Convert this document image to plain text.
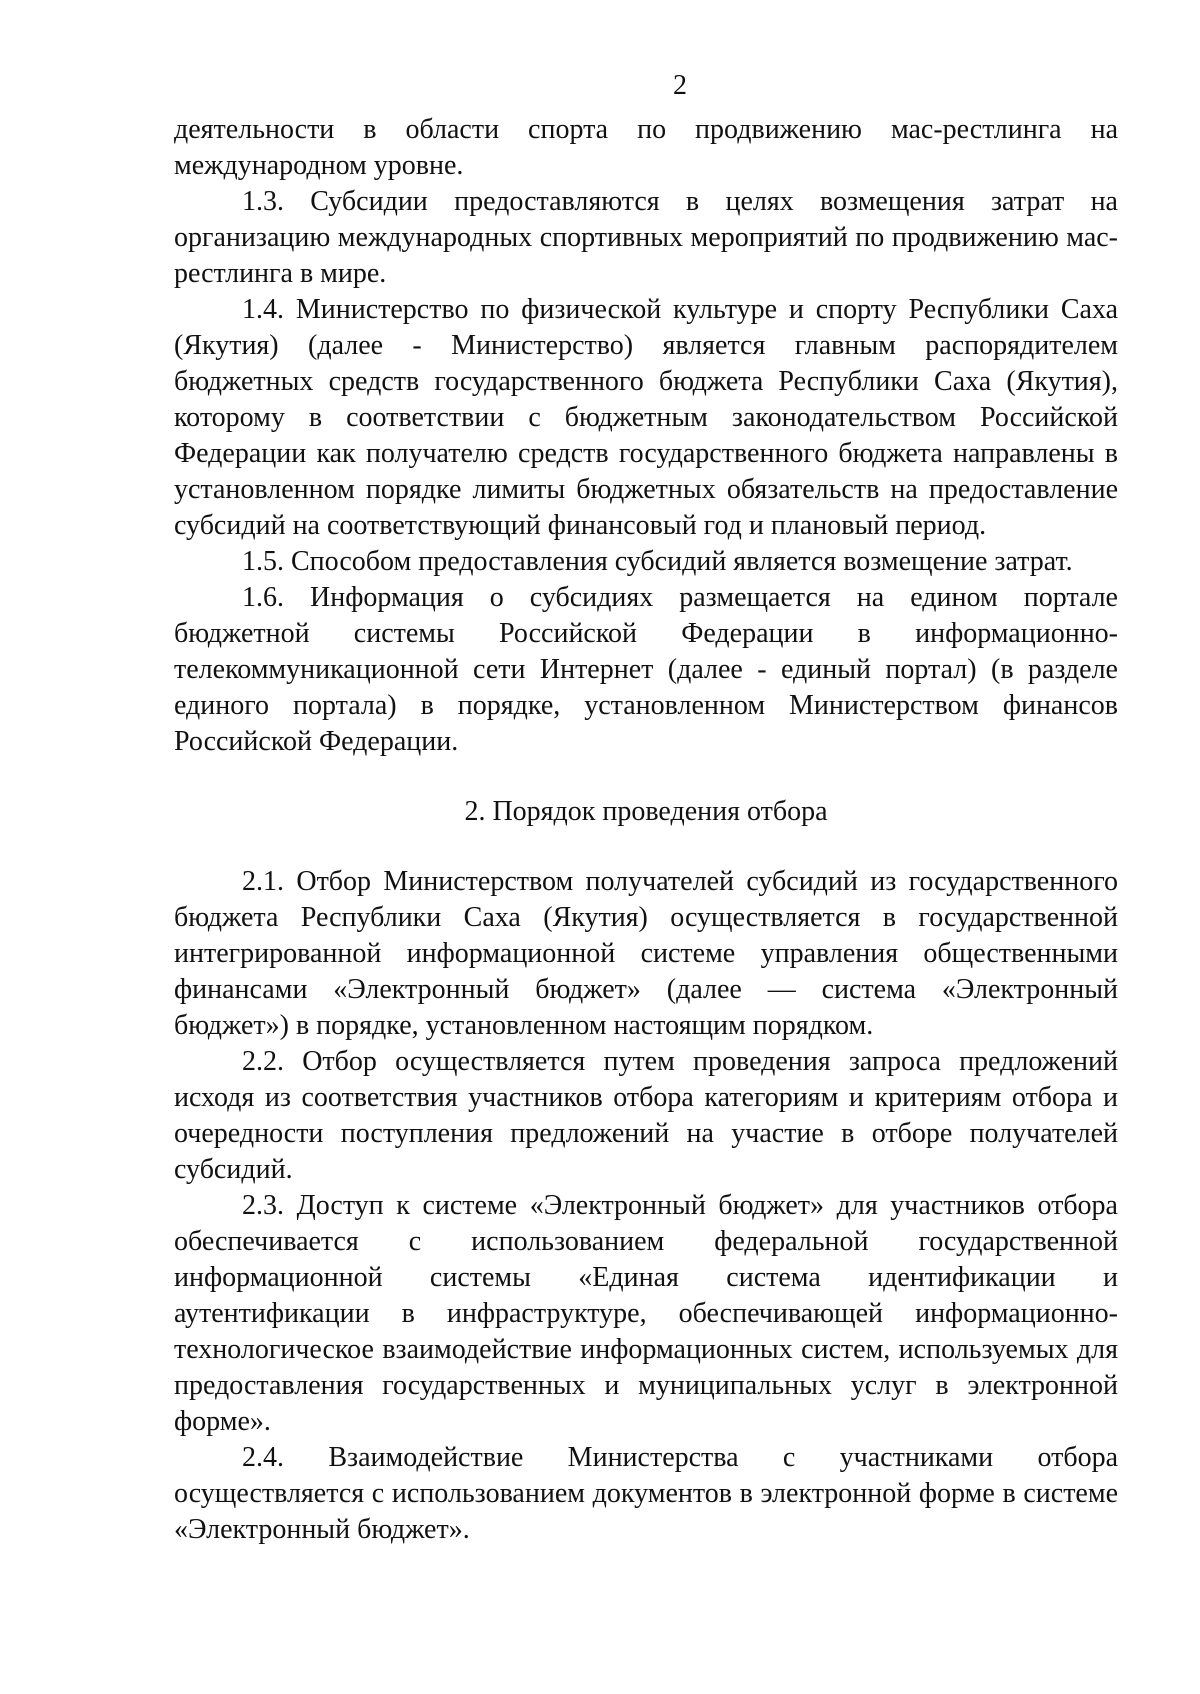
2

деятельности в области спорта по продвижению мас-рестлинга на международном уровне.

1.3. Субсидии предоставляются в целях возмещения затрат на организацию международных спортивных мероприятий по продвижению мас-рестлинга в мире.

1.4. Министерство по физической культуре и спорту Республики Саха (Якутия) (далее - Министерство) является главным распорядителем бюджетных средств государственного бюджета Республики Саха (Якутия), которому в соответствии с бюджетным законодательством Российской Федерации как получателю средств государственного бюджета направлены в установленном порядке лимиты бюджетных обязательств на предоставление субсидий на соответствующий финансовый год и плановый период.

1.5. Способом предоставления субсидий является возмещение затрат.

1.6. Информация о субсидиях размещается на едином портале бюджетной системы Российской Федерации в информационно-телекоммуникационной сети Интернет (далее - единый портал) (в разделе единого портала) в порядке, установленном Министерством финансов Российской Федерации.

2. Порядок проведения отбора

2.1. Отбор Министерством получателей субсидий из государственного бюджета Республики Саха (Якутия) осуществляется в государственной интегрированной информационной системе управления общественными финансами «Электронный бюджет» (далее — система «Электронный бюджет») в порядке, установленном настоящим порядком.

2.2. Отбор осуществляется путем проведения запроса предложений исходя из соответствия участников отбора категориям и критериям отбора и очередности поступления предложений на участие в отборе получателей субсидий.

2.3. Доступ к системе «Электронный бюджет» для участников отбора обеспечивается с использованием федеральной государственной информационной системы «Единая система идентификации и аутентификации в инфраструктуре, обеспечивающей информационно-технологическое взаимодействие информационных систем, используемых для предоставления государственных и муниципальных услуг в электронной форме».

2.4. Взаимодействие Министерства с участниками отбора осуществляется с использованием документов в электронной форме в системе «Электронный бюджет».
